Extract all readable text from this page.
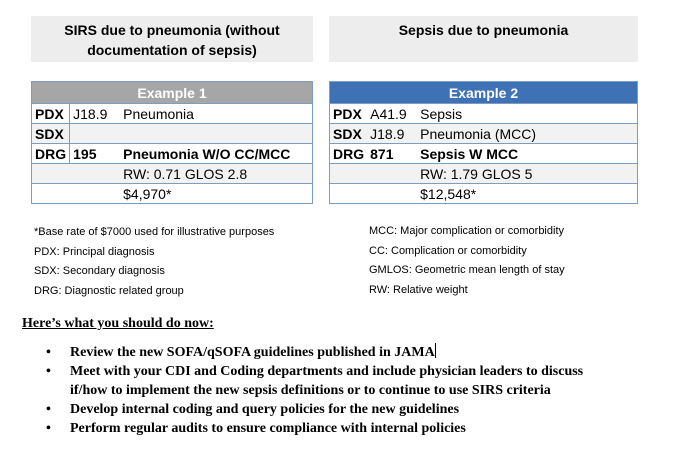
SIRS due to pneumonia (without documentation of sepsis)
Sepsis due to pneumonia
Example 1		
PDX	J18.9	Pneumonia
SDX		
DRG	195	Pneumonia W/O CC/MCC
		RW: 0.71 GLOS 2.8
		$4,970*
Example 2		
PDX	A41.9	Sepsis
SDX	J18.9	Pneumonia (MCC)
DRG	871	Sepsis W MCC
		RW: 1.79 GLOS 5
		$12,548*
*Base rate of $7000 used for illustrative purposes
PDX: Principal diagnosis
SDX: Secondary diagnosis
DRG: Diagnostic related group
MCC: Major complication or comorbidity
CC: Complication or comorbidity
GMLOS: Geometric mean length of stay
RW: Relative weight
Here’s what you should do now:
• Review the new SOFA/qSOFA guidelines published in JAMA
• Meet with your CDI and Coding departments and include physician leaders to discuss if/how to implement the new sepsis definitions or to continue to use SIRS criteria
• Develop internal coding and query policies for the new guidelines
• Perform regular audits to ensure compliance with internal policies
